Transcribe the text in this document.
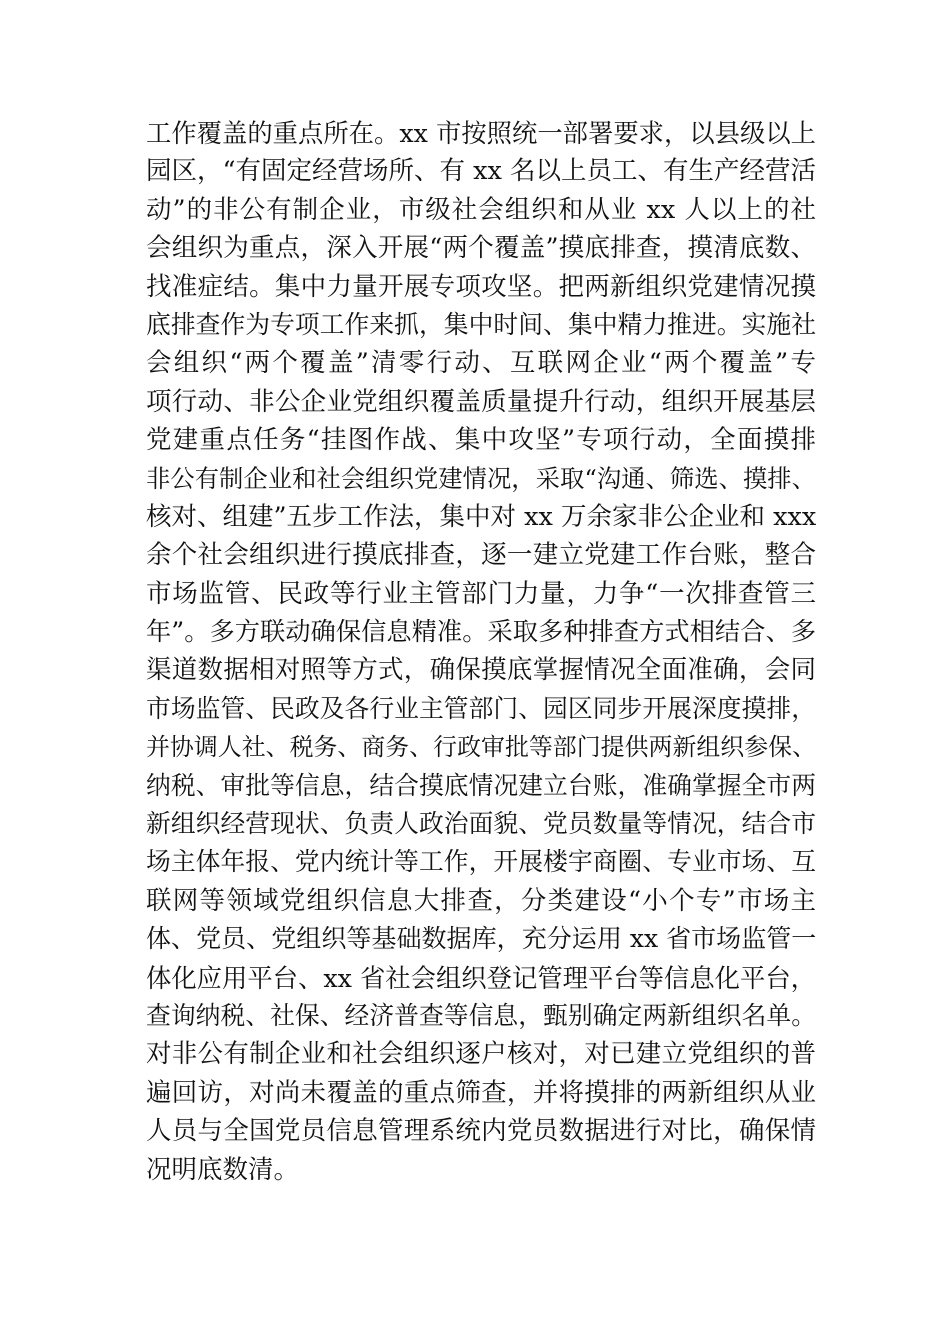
工作覆盖的重点所在。xx 市按照统一部署要求，以县级以上
园区，“有固定经营场所、有 xx 名以上员工、有生产经营活
动”的非公有制企业，市级社会组织和从业 xx 人以上的社
会组织为重点，深入开展“两个覆盖”摸底排查，摸清底数、
找准症结。集中力量开展专项攻坚。把两新组织党建情况摸
底排查作为专项工作来抓，集中时间、集中精力推进。实施社
会组织“两个覆盖”清零行动、互联网企业“两个覆盖”专
项行动、非公企业党组织覆盖质量提升行动，组织开展基层
党建重点任务“挂图作战、集中攻坚”专项行动，全面摸排
非公有制企业和社会组织党建情况，采取“沟通、筛选、摸排、
核对、组建”五步工作法，集中对 xx 万余家非公企业和 xxx
余个社会组织进行摸底排查，逐一建立党建工作台账，整合
市场监管、民政等行业主管部门力量，力争“一次排查管三
年”。多方联动确保信息精准。采取多种排查方式相结合、多
渠道数据相对照等方式，确保摸底掌握情况全面准确，会同
市场监管、民政及各行业主管部门、园区同步开展深度摸排，
并协调人社、税务、商务、行政审批等部门提供两新组织参保、
纳税、审批等信息，结合摸底情况建立台账，准确掌握全市两
新组织经营现状、负责人政治面貌、党员数量等情况，结合市
场主体年报、党内统计等工作，开展楼宇商圈、专业市场、互
联网等领域党组织信息大排查，分类建设“小个专”市场主
体、党员、党组织等基础数据库，充分运用 xx 省市场监管一
体化应用平台、xx 省社会组织登记管理平台等信息化平台，
查询纳税、社保、经济普查等信息，甄别确定两新组织名单。
对非公有制企业和社会组织逐户核对，对已建立党组织的普
遍回访，对尚未覆盖的重点筛查，并将摸排的两新组织从业
人员与全国党员信息管理系统内党员数据进行对比，确保情
况明底数清。
